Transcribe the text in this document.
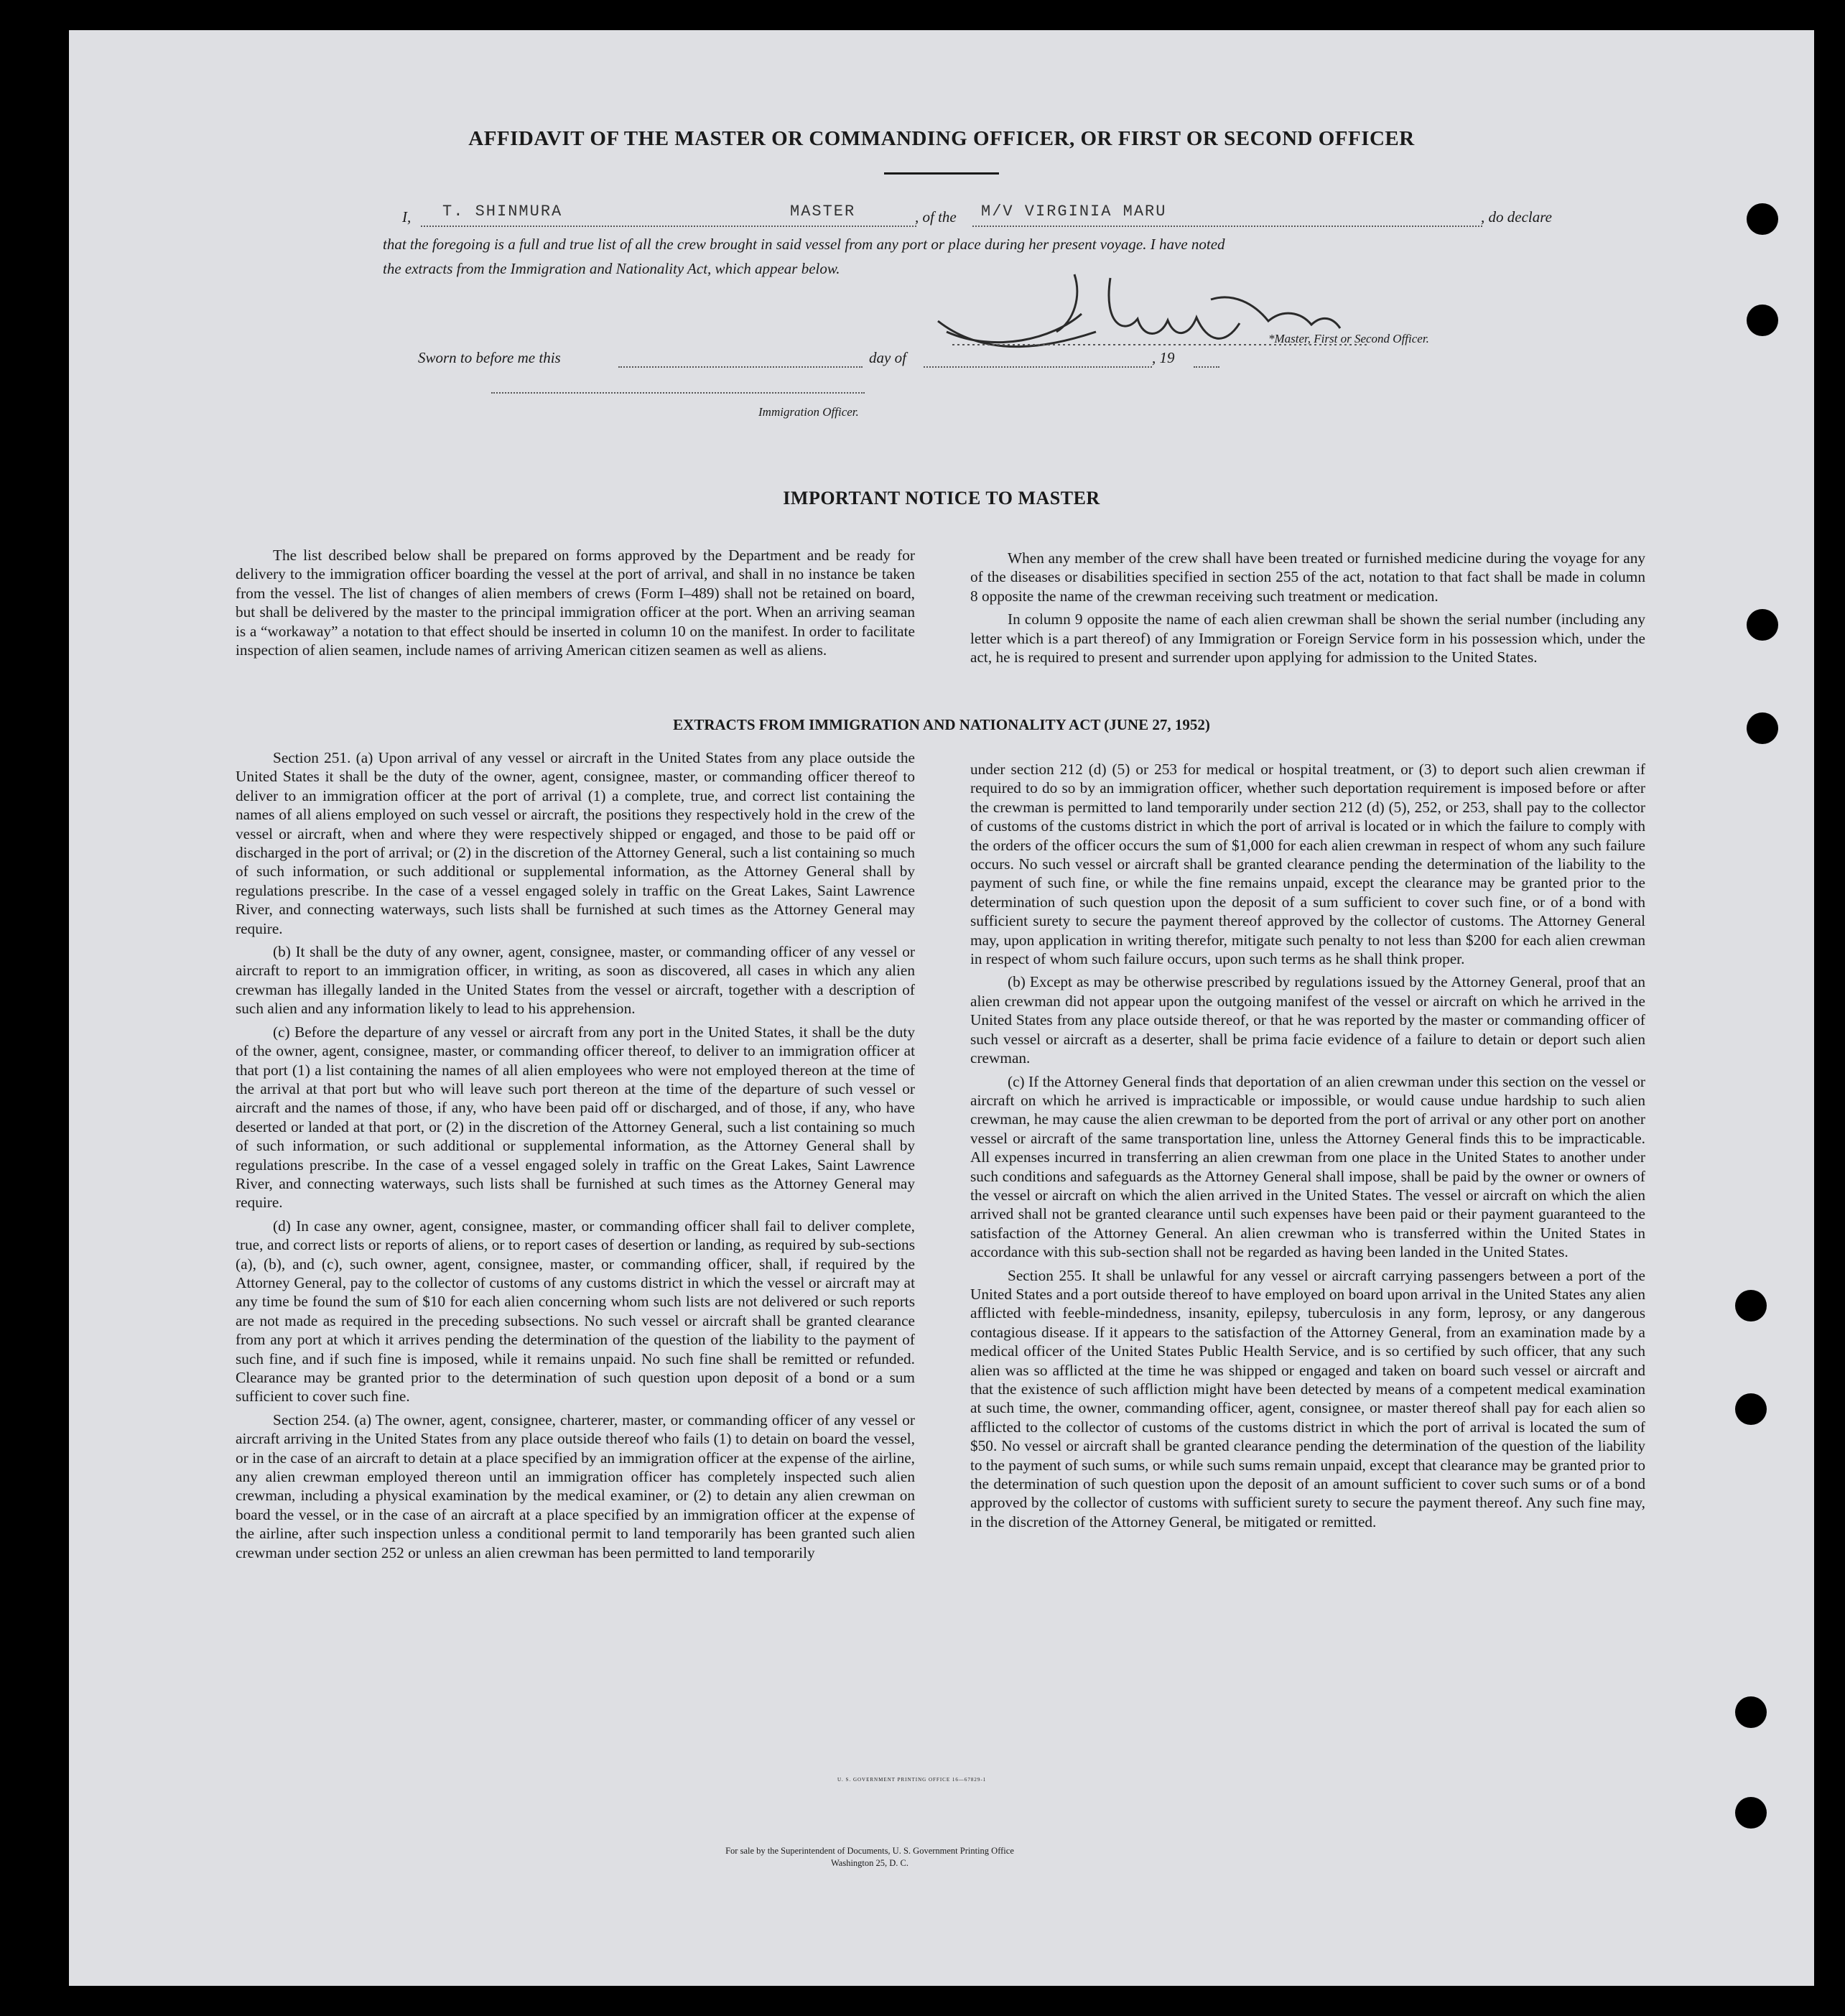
AFFIDAVIT OF THE MASTER OR COMMANDING OFFICER, OR FIRST OR SECOND OFFICER
I, T. SHINMURA	MASTER	, of the M/V VIRGINIA MARU	, do declare
that the foregoing is a full and true list of all the crew brought in said vessel from any port or place during her present voyage. I have noted
the extracts from the Immigration and Nationality Act, which appear below.
*Master, First or Second Officer.
Sworn to before me this	day of	, 19
Immigration Officer.
IMPORTANT NOTICE TO MASTER

The list described below shall be prepared on forms approved by the Department and be ready for delivery to the immigration officer boarding the vessel at the port of arrival, and shall in no instance be taken from the vessel. The list of changes of alien members of crews (Form I–489) shall not be retained on board, but shall be delivered by the master to the principal immigration officer at the port. When an arriving seaman is a “workaway” a notation to that effect should be inserted in column 10 on the manifest. In order to facilitate inspection of alien seamen, include names of arriving American citizen seamen as well as aliens.

When any member of the crew shall have been treated or furnished medicine during the voyage for any of the diseases or disabilities specified in section 255 of the act, notation to that fact shall be made in column 8 opposite the name of the crewman receiving such treatment or medication.

In column 9 opposite the name of each alien crewman shall be shown the serial number (including any letter which is a part thereof) of any Immigration or Foreign Service form in his possession which, under the act, he is required to present and surrender upon applying for admission to the United States.

EXTRACTS FROM IMMIGRATION AND NATIONALITY ACT (JUNE 27, 1952)

Section 251. (a) Upon arrival of any vessel or aircraft in the United States from any place outside the United States it shall be the duty of the owner, agent, consignee, master, or commanding officer thereof to deliver to an immigration officer at the port of arrival (1) a complete, true, and correct list containing the names of all aliens employed on such vessel or aircraft, the positions they respectively hold in the crew of the vessel or aircraft, when and where they were respectively shipped or engaged, and those to be paid off or discharged in the port of arrival; or (2) in the discretion of the Attorney General, such a list containing so much of such information, or such additional or supplemental information, as the Attorney General shall by regulations prescribe. In the case of a vessel engaged solely in traffic on the Great Lakes, Saint Lawrence River, and connecting waterways, such lists shall be furnished at such times as the Attorney General may require.

(b) It shall be the duty of any owner, agent, consignee, master, or commanding officer of any vessel or aircraft to report to an immigration officer, in writing, as soon as discovered, all cases in which any alien crewman has illegally landed in the United States from the vessel or aircraft, together with a description of such alien and any information likely to lead to his apprehension.

(c) Before the departure of any vessel or aircraft from any port in the United States, it shall be the duty of the owner, agent, consignee, master, or commanding officer thereof, to deliver to an immigration officer at that port (1) a list containing the names of all alien employees who were not employed thereon at the time of the arrival at that port but who will leave such port thereon at the time of the departure of such vessel or aircraft and the names of those, if any, who have been paid off or discharged, and of those, if any, who have deserted or landed at that port, or (2) in the discretion of the Attorney General, such a list containing so much of such information, or such additional or supplemental information, as the Attorney General shall by regulations prescribe. In the case of a vessel engaged solely in traffic on the Great Lakes, Saint Lawrence River, and connecting waterways, such lists shall be furnished at such times as the Attorney General may require.

(d) In case any owner, agent, consignee, master, or commanding officer shall fail to deliver complete, true, and correct lists or reports of aliens, or to report cases of desertion or landing, as required by sub-sections (a), (b), and (c), such owner, agent, consignee, master, or commanding officer, shall, if required by the Attorney General, pay to the collector of customs of any customs district in which the vessel or aircraft may at any time be found the sum of $10 for each alien concerning whom such lists are not delivered or such reports are not made as required in the preceding subsections. No such vessel or aircraft shall be granted clearance from any port at which it arrives pending the determination of the question of the liability to the payment of such fine, and if such fine is imposed, while it remains unpaid. No such fine shall be remitted or refunded. Clearance may be granted prior to the determination of such question upon deposit of a bond or a sum sufficient to cover such fine.

Section 254. (a) The owner, agent, consignee, charterer, master, or commanding officer of any vessel or aircraft arriving in the United States from any place outside thereof who fails (1) to detain on board the vessel, or in the case of an aircraft to detain at a place specified by an immigration officer at the expense of the airline, any alien crewman employed thereon until an immigration officer has completely inspected such alien crewman, including a physical examination by the medical examiner, or (2) to detain any alien crewman on board the vessel, or in the case of an aircraft at a place specified by an immigration officer at the expense of the airline, after such inspection unless a conditional permit to land temporarily has been granted such alien crewman under section 252 or unless an alien crewman has been permitted to land temporarily

under section 212 (d) (5) or 253 for medical or hospital treatment, or (3) to deport such alien crewman if required to do so by an immigration officer, whether such deportation requirement is imposed before or after the crewman is permitted to land temporarily under section 212 (d) (5), 252, or 253, shall pay to the collector of customs of the customs district in which the port of arrival is located or in which the failure to comply with the orders of the officer occurs the sum of $1,000 for each alien crewman in respect of whom any such failure occurs. No such vessel or aircraft shall be granted clearance pending the determination of the liability to the payment of such fine, or while the fine remains unpaid, except the clearance may be granted prior to the determination of such question upon the deposit of a sum sufficient to cover such fine, or of a bond with sufficient surety to secure the payment thereof approved by the collector of customs. The Attorney General may, upon application in writing therefor, mitigate such penalty to not less than $200 for each alien crewman in respect of whom such failure occurs, upon such terms as he shall think proper.

(b) Except as may be otherwise prescribed by regulations issued by the Attorney General, proof that an alien crewman did not appear upon the outgoing manifest of the vessel or aircraft on which he arrived in the United States from any place outside thereof, or that he was reported by the master or commanding officer of such vessel or aircraft as a deserter, shall be prima facie evidence of a failure to detain or deport such alien crewman.

(c) If the Attorney General finds that deportation of an alien crewman under this section on the vessel or aircraft on which he arrived is impracticable or impossible, or would cause undue hardship to such alien crewman, he may cause the alien crewman to be deported from the port of arrival or any other port on another vessel or aircraft of the same transportation line, unless the Attorney General finds this to be impracticable. All expenses incurred in transferring an alien crewman from one place in the United States to another under such conditions and safeguards as the Attorney General shall impose, shall be paid by the owner or owners of the vessel or aircraft on which the alien arrived in the United States. The vessel or aircraft on which the alien arrived shall not be granted clearance until such expenses have been paid or their payment guaranteed to the satisfaction of the Attorney General. An alien crewman who is transferred within the United States in accordance with this sub-section shall not be regarded as having been landed in the United States.

Section 255. It shall be unlawful for any vessel or aircraft carrying passengers between a port of the United States and a port outside thereof to have employed on board upon arrival in the United States any alien afflicted with feeble-mindedness, insanity, epilepsy, tuberculosis in any form, leprosy, or any dangerous contagious disease. If it appears to the satisfaction of the Attorney General, from an examination made by a medical officer of the United States Public Health Service, and is so certified by such officer, that any such alien was so afflicted at the time he was shipped or engaged and taken on board such vessel or aircraft and that the existence of such affliction might have been detected by means of a competent medical examination at such time, the owner, commanding officer, agent, consignee, or master thereof shall pay for each alien so afflicted to the collector of customs of the customs district in which the port of arrival is located the sum of $50. No vessel or aircraft shall be granted clearance pending the determination of the question of the liability to the payment of such sums, or while such sums remain unpaid, except that clearance may be granted prior to the determination of such question upon the deposit of an amount sufficient to cover such sums or of a bond approved by the collector of customs with sufficient surety to secure the payment thereof. Any such fine may, in the discretion of the Attorney General, be mitigated or remitted.

U. S. GOVERNMENT PRINTING OFFICE 16—67829-1
For sale by the Superintendent of Documents, U. S. Government Printing Office
Washington 25, D. C.
